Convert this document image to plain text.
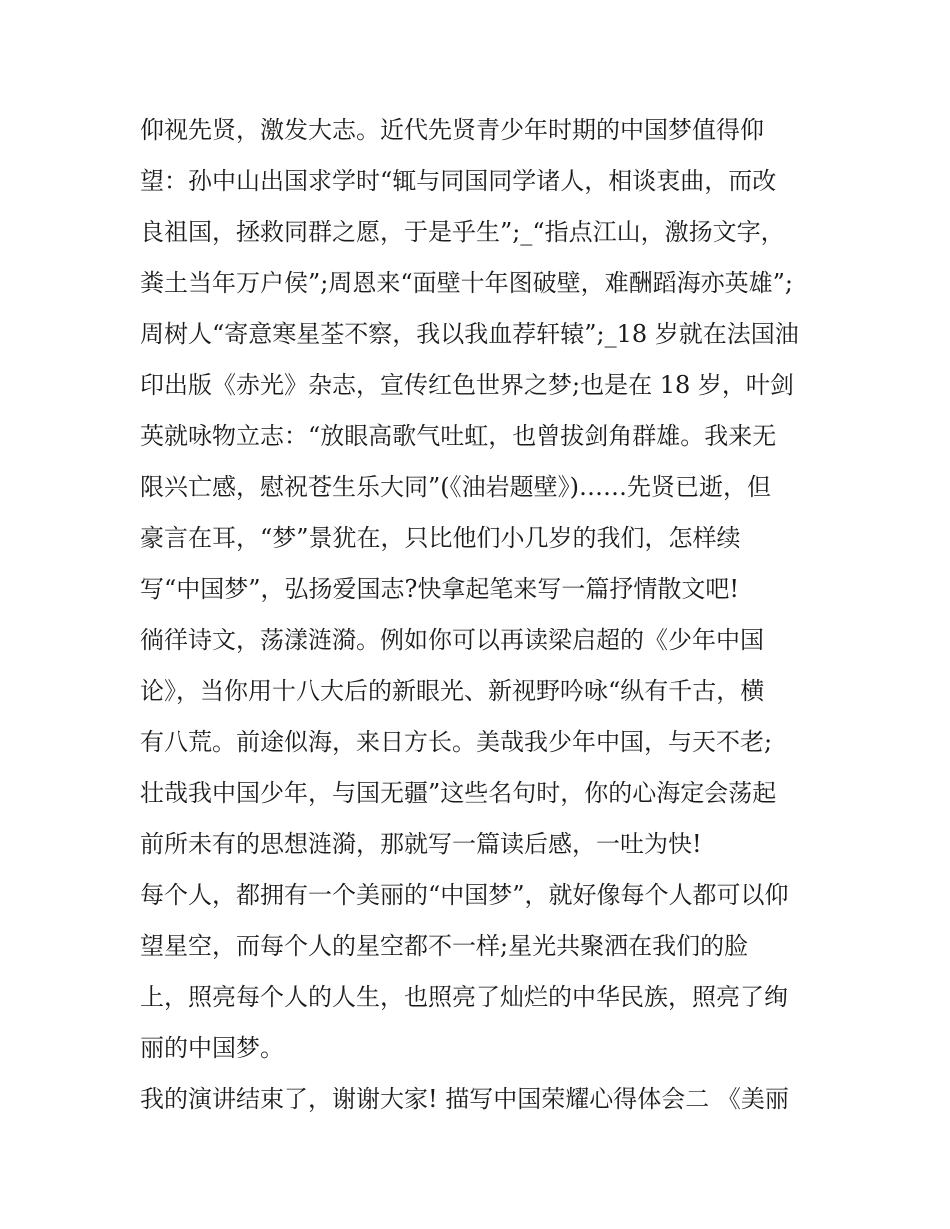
仰视先贤，激发大志。近代先贤青少年时期的中国梦值得仰
望：孙中山出国求学时“辄与同国同学诸人，相谈衷曲，而改
良祖国，拯救同群之愿，于是乎生”;_“指点江山，激扬文字，
粪土当年万户侯”;周恩来“面壁十年图破壁，难酬蹈海亦英雄”;
周树人“寄意寒星荃不察，我以我血荐轩辕”;_18 岁就在法国油
印出版《赤光》杂志，宣传红色世界之梦;也是在 18 岁，叶剑
英就咏物立志：“放眼高歌气吐虹，也曾拔剑角群雄。我来无
限兴亡感，慰祝苍生乐大同”(《油岩题壁》)……先贤已逝，但
豪言在耳，“梦”景犹在，只比他们小几岁的我们，怎样续
写“中国梦”，弘扬爱国志?快拿起笔来写一篇抒情散文吧!
徜徉诗文，荡漾涟漪。例如你可以再读梁启超的《少年中国
论》，当你用十八大后的新眼光、新视野吟咏“纵有千古，横
有八荒。前途似海，来日方长。美哉我少年中国，与天不老;
壮哉我中国少年，与国无疆”这些名句时，你的心海定会荡起
前所未有的思想涟漪，那就写一篇读后感，一吐为快!
每个人，都拥有一个美丽的“中国梦”，就好像每个人都可以仰
望星空，而每个人的星空都不一样;星光共聚洒在我们的脸
上，照亮每个人的人生，也照亮了灿烂的中华民族，照亮了绚
丽的中国梦。
我的演讲结束了，谢谢大家! 描写中国荣耀心得体会二 《美丽
